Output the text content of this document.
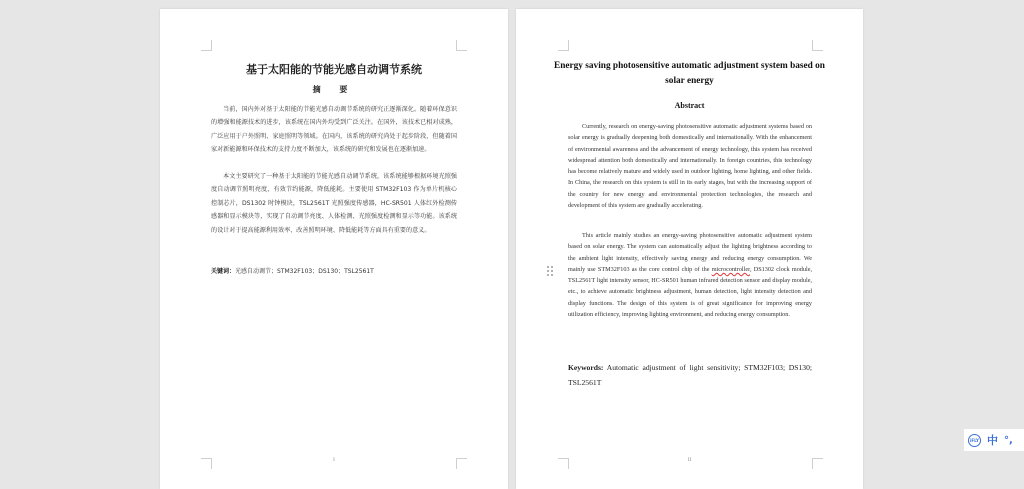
基于太阳能的节能光感自动调节系统
摘 要

当前，国内外对基于太阳能的节能光感自动调节系统的研究正逐渐深化。随着环保意识的增强和能源技术的进步，该系统在国内外均受到广泛关注。在国外，该技术已相对成熟，广泛应用于户外照明、家庭照明等领域。在国内，该系统的研究尚处于起步阶段，但随着国家对新能源和环保技术的支持力度不断加大，该系统的研究和发展也在逐渐加速。

本文主要研究了一种基于太阳能的节能光感自动调节系统，该系统能够根据环境光照强度自动调节照明亮度，有效节约能源，降低能耗。主要使用 STM32F103 作为单片机核心控制芯片，DS1302 时钟模块，TSL2561T 光照强度传感器，HC-SR501 人体红外检测传感器和显示模块等，实现了自动调节亮度、人体检测、光照强度检测和显示等功能。该系统的设计对于提高能源利用效率、改善照明环境、降低能耗等方面具有重要的意义。

关键词：光感自动调节；STM32F103；DS130；TSL2561T
I
Energy saving photosensitive automatic adjustment system based on solar energy
Abstract

Currently, research on energy-saving photosensitive automatic adjustment systems based on solar energy is gradually deepening both domestically and internationally. With the enhancement of environmental awareness and the advancement of energy technology, this system has received widespread attention both domestically and internationally. In foreign countries, this technology has become relatively mature and widely used in outdoor lighting, home lighting, and other fields. In China, the research on this system is still in its early stages, but with the increasing support of the country for new energy and environmental protection technologies, the research and development of this system are gradually accelerating.

This article mainly studies an energy-saving photosensitive automatic adjustment system based on solar energy. The system can automatically adjust the lighting brightness according to the ambient light intensity, effectively saving energy and reducing energy consumption. We mainly use STM32F103 as the core control chip of the microcontroller, DS1302 clock module, TSL2561T light intensity sensor, HC-SR501 human infrared detection sensor and display module, etc., to achieve automatic brightness adjustment, human detection, light intensity detection and display functions. The design of this system is of great significance for improving energy utilization efficiency, improving lighting environment, and reducing energy consumption.

Keywords: Automatic adjustment of light sensitivity; STM32F103; DS130; TSL2561T
II
iFLY 中 °,
